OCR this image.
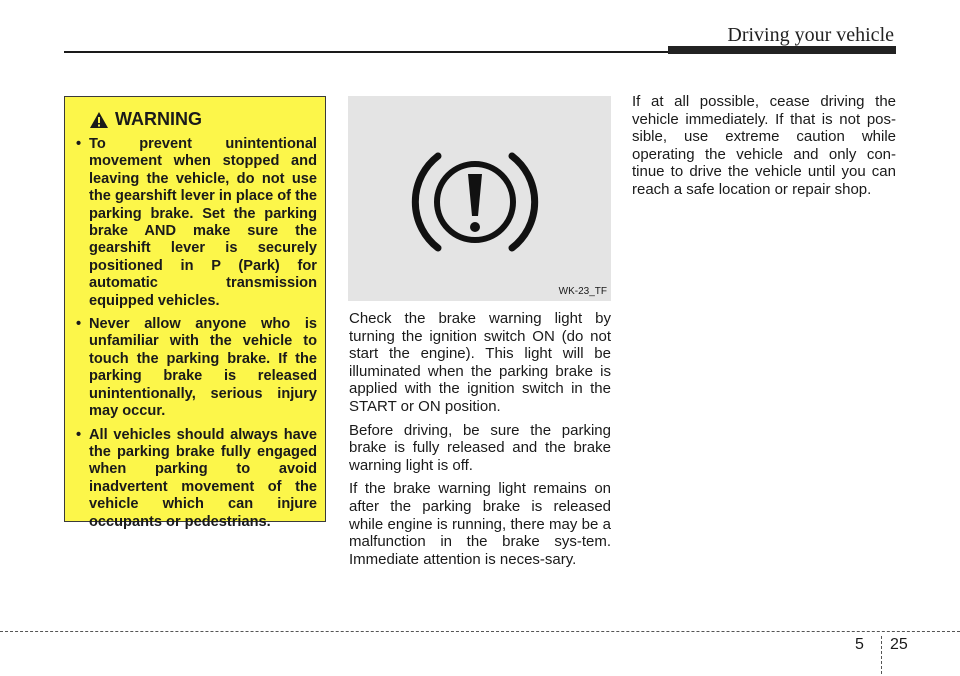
Driving your vehicle
WARNING
• To prevent unintentional movement when stopped and leaving the vehicle, do not use the gearshift lever in place of the parking brake. Set the parking brake AND make sure the gearshift lever is securely positioned in P (Park) for automatic transmission equipped vehicles.
• Never allow anyone who is unfamiliar with the vehicle to touch the parking brake. If the parking brake is released unintentionally, serious injury may occur.
• All vehicles should always have the parking brake fully engaged when parking to avoid inadvertent movement of the vehicle which can injure occupants or pedestrians.
WK-23_TF

Check the brake warning light by turning the ignition switch ON (do not start the engine). This light will be illuminated when the parking brake is applied with the ignition switch in the START or ON position.

Before driving, be sure the parking brake is fully released and the brake warning light is off.

If the brake warning light remains on after the parking brake is released while engine is running, there may be a malfunction in the brake sys-tem. Immediate attention is neces-sary.

If at all possible, cease driving the vehicle immediately. If that is not pos-sible, use extreme caution while operating the vehicle and only con-tinue to drive the vehicle until you can reach a safe location or repair shop.

5 25
